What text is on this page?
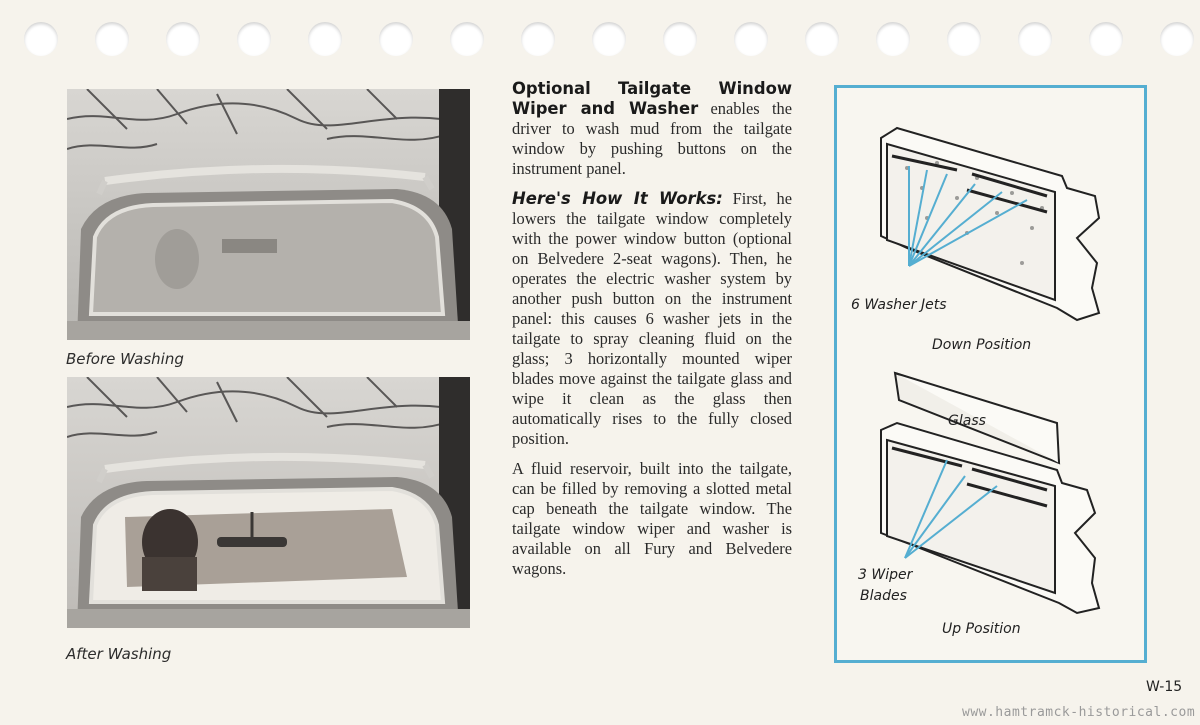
Before Washing
After Washing

Optional Tailgate Window Wiper and Washer enables the driver to wash mud from the tailgate window by pushing buttons on the instrument panel.

Here's How It Works: First, he lowers the tailgate window completely with the power window button (optional on Belvedere 2-seat wagons). Then, he operates the electric washer system by another push button on the instrument panel: this causes 6 washer jets in the tailgate to spray cleaning fluid on the glass; 3 horizontally mounted wiper blades move against the tailgate glass and wipe it clean as the glass then automatically rises to the fully closed position.

A fluid reservoir, built into the tailgate, can be filled by removing a slotted metal cap beneath the tailgate window. The tailgate window wiper and washer is available on all Fury and Belvedere wagons.

6 Washer Jets
Down Position
Glass
3 Wiper
Blades
Up Position
W-15
www.hamtramck-historical.com
